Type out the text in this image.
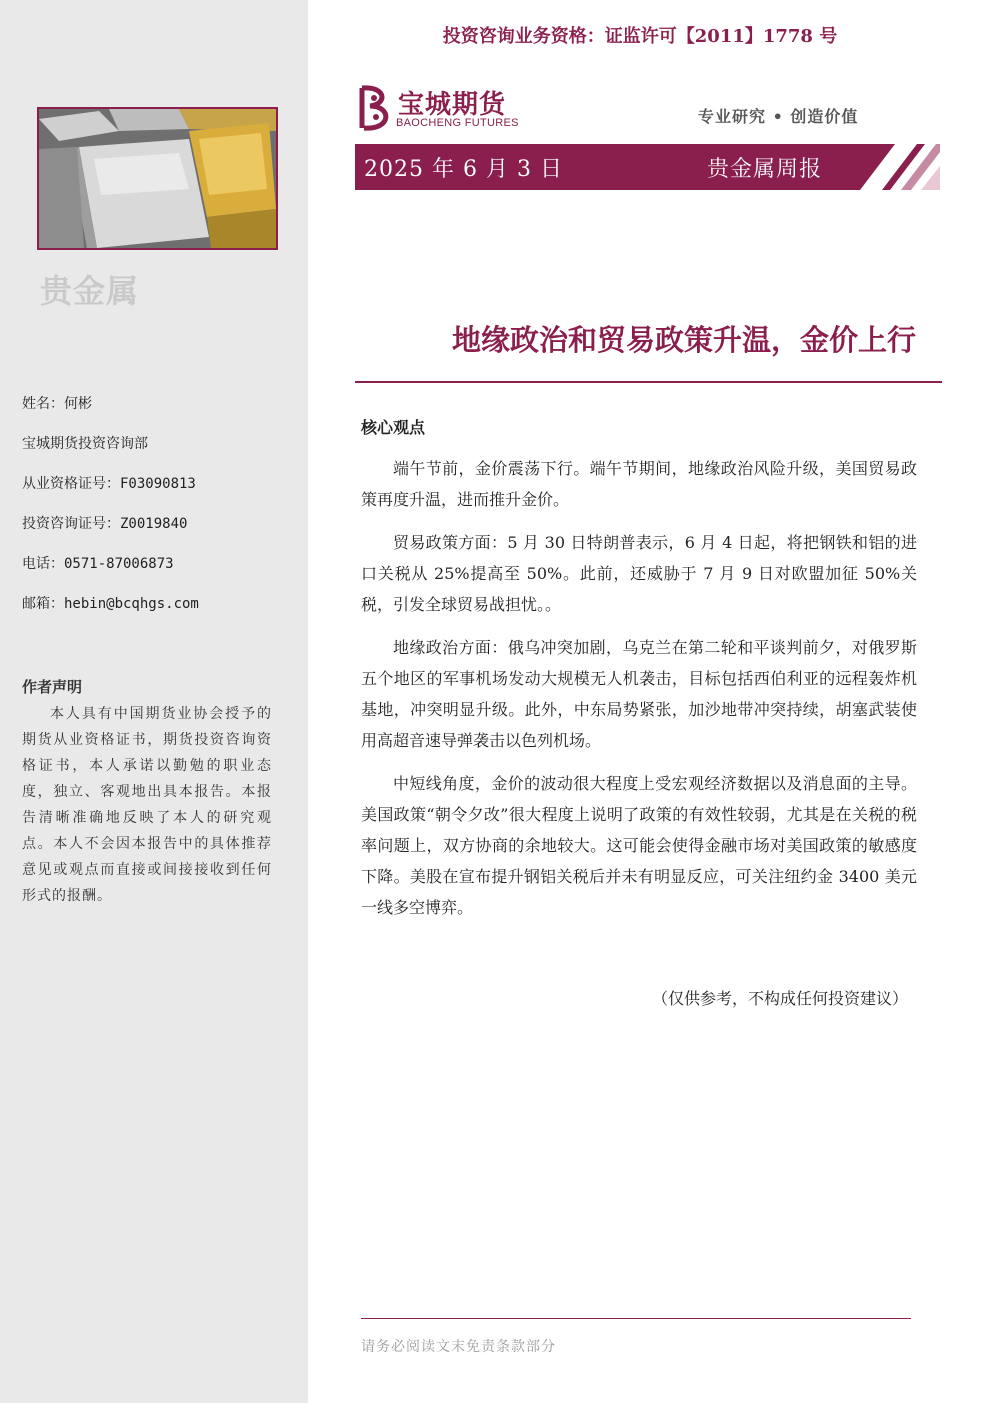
贵金属
姓名：何彬
宝城期货投资咨询部
从业资格证号：F03090813
投资咨询证号：Z0019840
电话：0571-87006873
邮箱：hebin@bcqhgs.com
作者声明
本人具有中国期货业协会授予的期货从业资格证书，期货投资咨询资格证书，本人承诺以勤勉的职业态度，独立、客观地出具本报告。本报告清晰准确地反映了本人的研究观点。本人不会因本报告中的具体推荐意见或观点而直接或间接接收到任何形式的报酬。
投资咨询业务资格：证监许可【2011】1778 号
宝城期货
BAOCHENG FUTURES	专业研究 • 创造价值
2025 年 6 月 3 日	贵金属周报
地缘政治和贸易政策升温，金价上行
核心观点

端午节前，金价震荡下行。端午节期间，地缘政治风险升级，美国贸易政策再度升温，进而推升金价。

贸易政策方面：5 月 30 日特朗普表示，6 月 4 日起，将把钢铁和铝的进口关税从 25%提高至 50%。此前，还威胁于 7 月 9 日对欧盟加征 50%关税，引发全球贸易战担忧。。

地缘政治方面：俄乌冲突加剧，乌克兰在第二轮和平谈判前夕，对俄罗斯五个地区的军事机场发动大规模无人机袭击，目标包括西伯利亚的远程轰炸机基地，冲突明显升级。此外，中东局势紧张，加沙地带冲突持续，胡塞武装使用高超音速导弹袭击以色列机场。

中短线角度，金价的波动很大程度上受宏观经济数据以及消息面的主导。美国政策“朝令夕改”很大程度上说明了政策的有效性较弱，尤其是在关税的税率问题上，双方协商的余地较大。这可能会使得金融市场对美国政策的敏感度下降。美股在宣布提升钢铝关税后并未有明显反应，可关注纽约金 3400 美元一线多空博弈。

（仅供参考，不构成任何投资建议）
请务必阅读文末免责条款部分
